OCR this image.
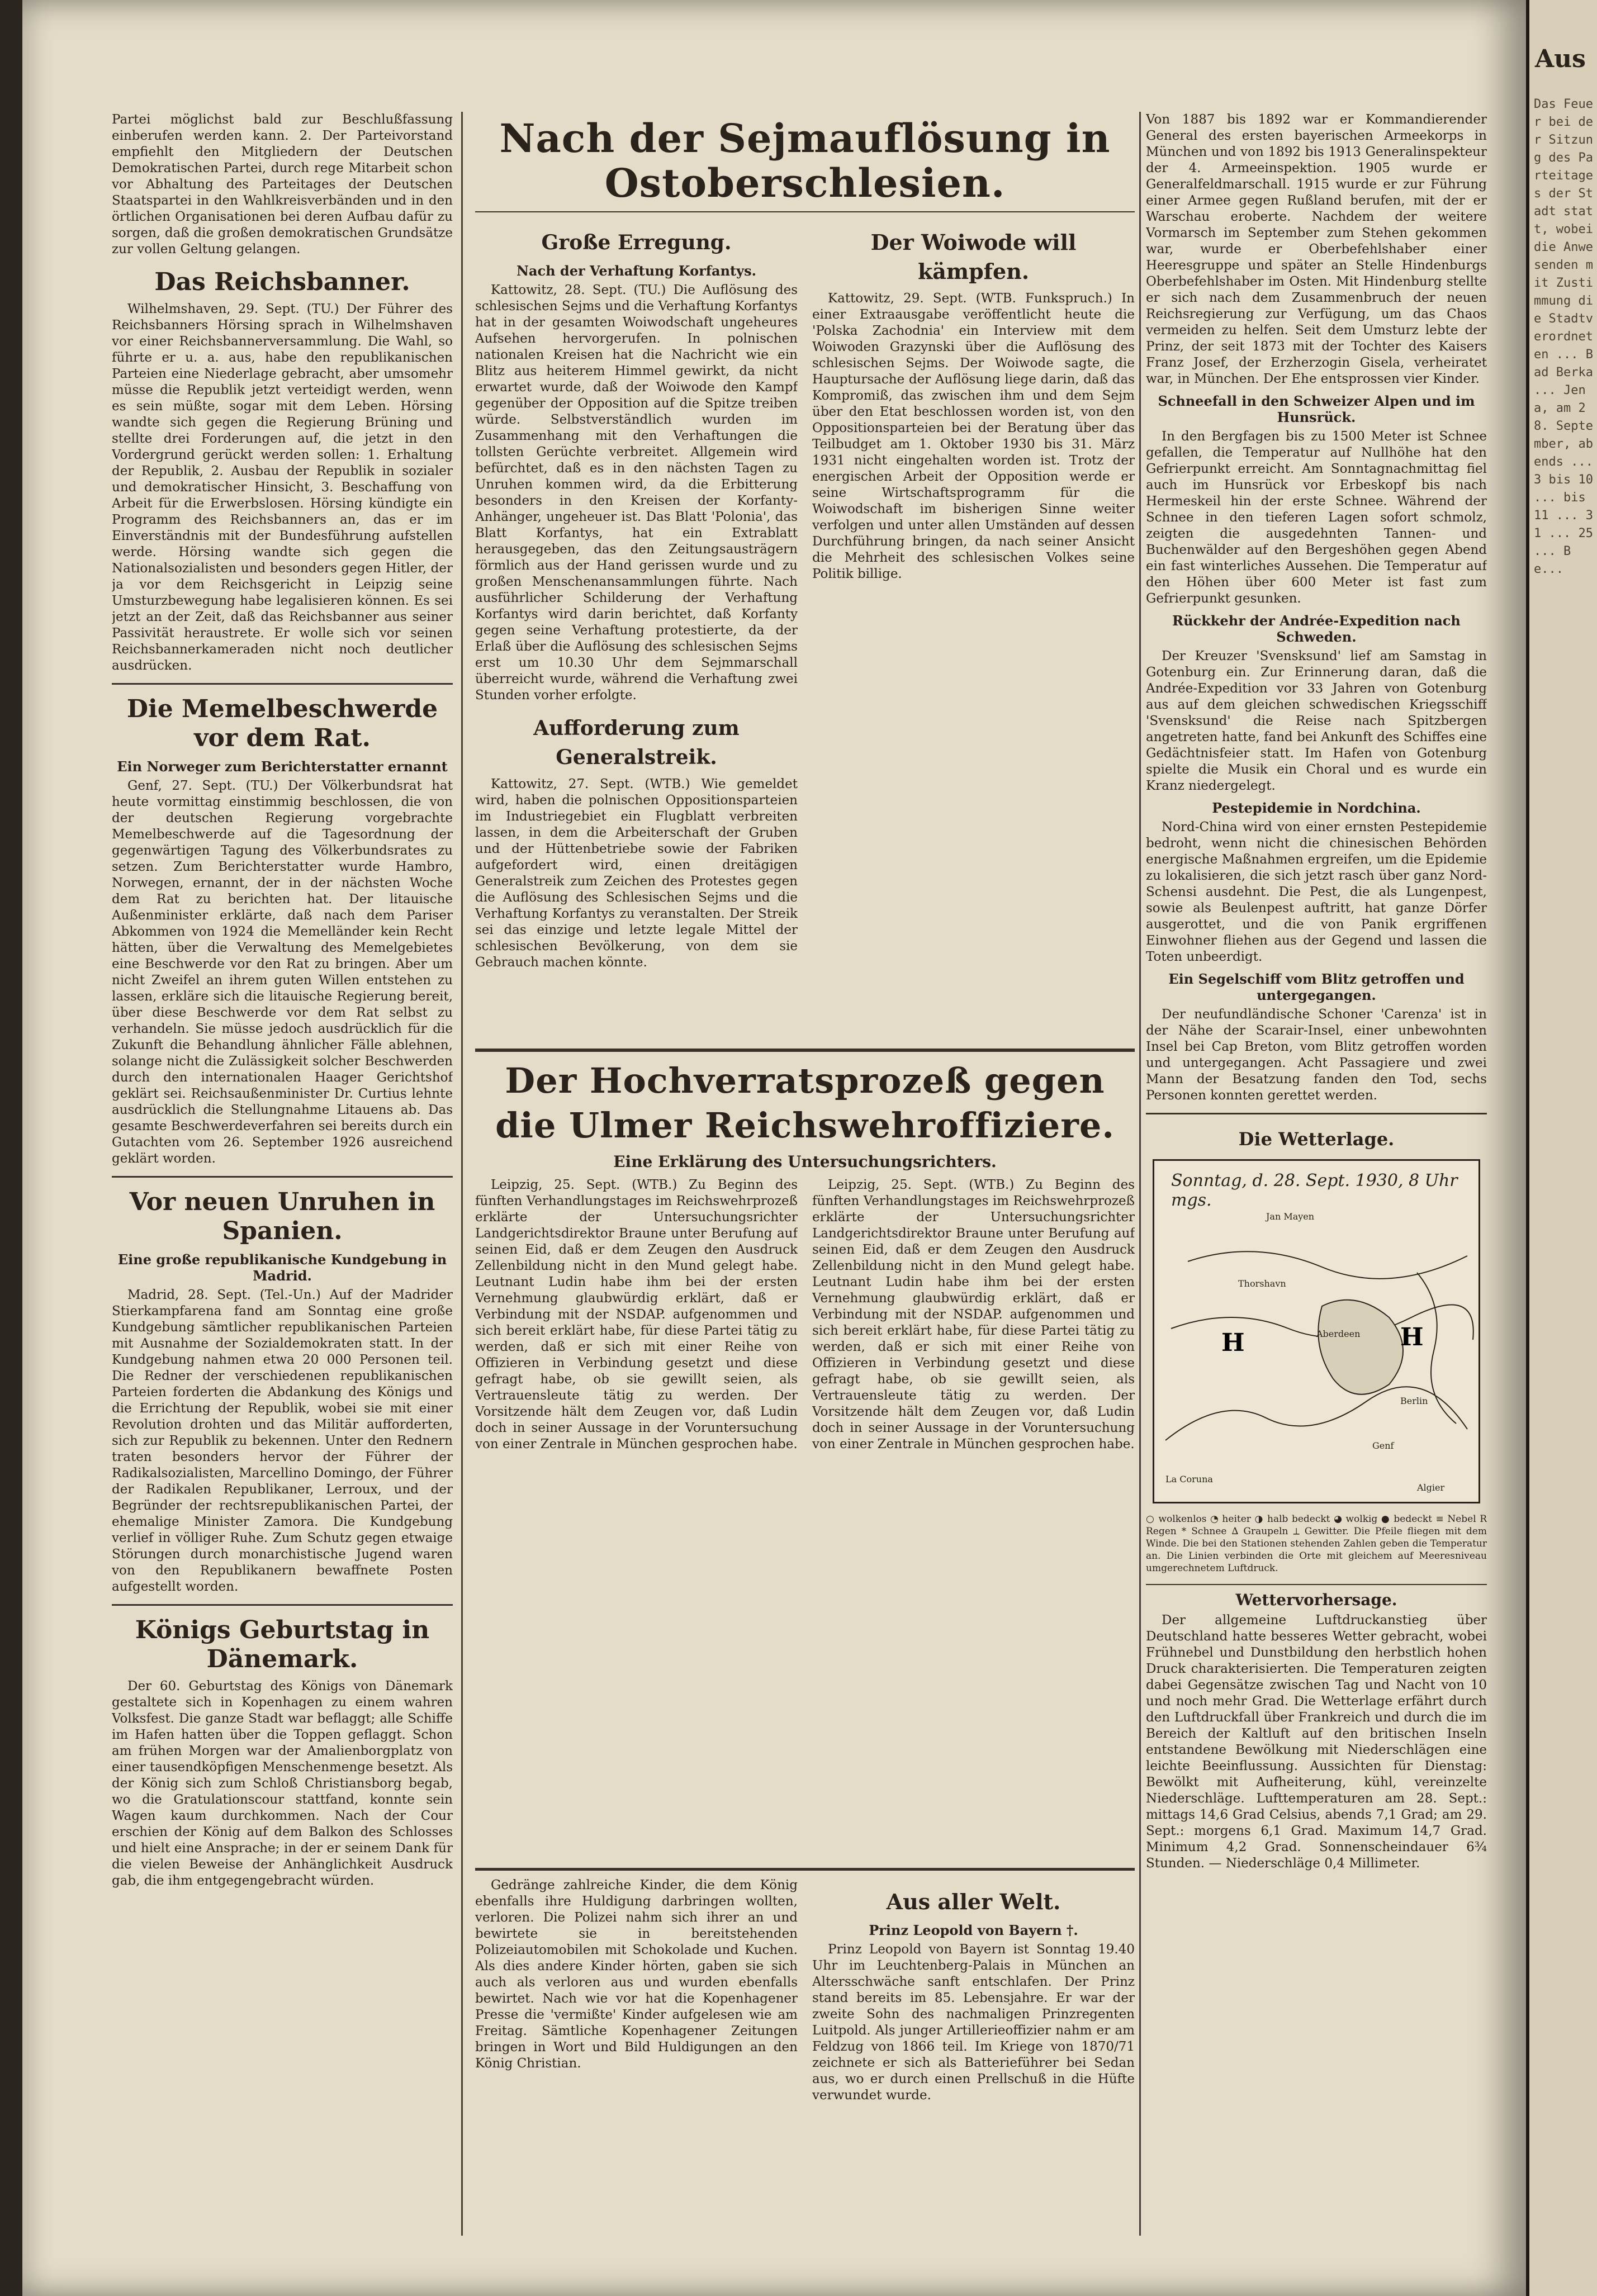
Partei möglichst bald zur Beschlußfassung einberufen werden kann. 2. Der Parteivorstand empfiehlt den Mitgliedern der Deutschen Demokratischen Partei, durch rege Mitarbeit schon vor Abhaltung des Parteitages der Deutschen Staatspartei in den Wahlkreisverbänden und in den örtlichen Organisationen bei deren Aufbau dafür zu sorgen, daß die großen demokratischen Grundsätze zur vollen Geltung gelangen.

Das Reichsbanner.

Wilhelmshaven, 29. Sept. (TU.) Der Führer des Reichsbanners Hörsing sprach in Wilhelmshaven vor einer Reichsbannerversammlung. Die Wahl, so führte er u. a. aus, habe den republikanischen Parteien eine Niederlage gebracht, aber umsomehr müsse die Republik jetzt verteidigt werden, wenn es sein müßte, sogar mit dem Leben. Hörsing wandte sich gegen die Regierung Brüning und stellte drei Forderungen auf, die jetzt in den Vordergrund gerückt werden sollen: 1. Erhaltung der Republik, 2. Ausbau der Republik in sozialer und demokratischer Hinsicht, 3. Beschaffung von Arbeit für die Erwerbslosen. Hörsing kündigte ein Programm des Reichsbanners an, das er im Einverständnis mit der Bundesführung aufstellen werde. Hörsing wandte sich gegen die Nationalsozialisten und besonders gegen Hitler, der ja vor dem Reichsgericht in Leipzig seine Umsturzbewegung habe legalisieren können. Es sei jetzt an der Zeit, daß das Reichsbanner aus seiner Passivität heraustrete. Er wolle sich vor seinen Reichsbannerkameraden nicht noch deutlicher ausdrücken.

Die Memelbeschwerde vor dem Rat.
Ein Norweger zum Berichterstatter ernannt

Genf, 27. Sept. (TU.) Der Völkerbundsrat hat heute vormittag einstimmig beschlossen, die von der deutschen Regierung vorgebrachte Memelbeschwerde auf die Tagesordnung der gegenwärtigen Tagung des Völkerbundsrates zu setzen. Zum Berichterstatter wurde Hambro, Norwegen, ernannt, der in der nächsten Woche dem Rat zu berichten hat. Der litauische Außenminister erklärte, daß nach dem Pariser Abkommen von 1924 die Memelländer kein Recht hätten, über die Verwaltung des Memelgebietes eine Beschwerde vor den Rat zu bringen. Aber um nicht Zweifel an ihrem guten Willen entstehen zu lassen, erkläre sich die litauische Regierung bereit, über diese Beschwerde vor dem Rat selbst zu verhandeln. Sie müsse jedoch ausdrücklich für die Zukunft die Behandlung ähnlicher Fälle ablehnen, solange nicht die Zulässigkeit solcher Beschwerden durch den internationalen Haager Gerichtshof geklärt sei. Reichsaußenminister Dr. Curtius lehnte ausdrücklich die Stellungnahme Litauens ab. Das gesamte Beschwerdeverfahren sei bereits durch ein Gutachten vom 26. September 1926 ausreichend geklärt worden.

Vor neuen Unruhen in Spanien.
Eine große republikanische Kundgebung in Madrid.

Madrid, 28. Sept. (Tel.-Un.) Auf der Madrider Stierkampfarena fand am Sonntag eine große Kundgebung sämtlicher republikanischen Parteien mit Ausnahme der Sozialdemokraten statt. In der Kundgebung nahmen etwa 20 000 Personen teil. Die Redner der verschiedenen republikanischen Parteien forderten die Abdankung des Königs und die Errichtung der Republik, wobei sie mit einer Revolution drohten und das Militär aufforderten, sich zur Republik zu bekennen. Unter den Rednern traten besonders hervor der Führer der Radikalsozialisten, Marcellino Domingo, der Führer der Radikalen Republikaner, Lerroux, und der Begründer der rechtsrepublikanischen Partei, der ehemalige Minister Zamora. Die Kundgebung verlief in völliger Ruhe. Zum Schutz gegen etwaige Störungen durch monarchistische Jugend waren von den Republikanern bewaffnete Posten aufgestellt worden.

Königs Geburtstag in Dänemark.

Der 60. Geburtstag des Königs von Dänemark gestaltete sich in Kopenhagen zu einem wahren Volksfest. Die ganze Stadt war beflaggt; alle Schiffe im Hafen hatten über die Toppen geflaggt. Schon am frühen Morgen war der Amalienborgplatz von einer tausendköpfigen Menschenmenge besetzt. Als der König sich zum Schloß Christiansborg begab, wo die Gratulationscour stattfand, konnte sein Wagen kaum durchkommen. Nach der Cour erschien der König auf dem Balkon des Schlosses und hielt eine Ansprache; in der er seinem Dank für die vielen Beweise der Anhänglichkeit Ausdruck gab, die ihm entgegengebracht würden.

Nach der Sejmauflösung in Ostoberschlesien.
Große Erregung.
Nach der Verhaftung Korfantys.

Kattowitz, 28. Sept. (TU.) Die Auflösung des schlesischen Sejms und die Verhaftung Korfantys hat in der gesamten Woiwodschaft ungeheures Aufsehen hervorgerufen. In polnischen nationalen Kreisen hat die Nachricht wie ein Blitz aus heiterem Himmel gewirkt, da nicht erwartet wurde, daß der Woiwode den Kampf gegenüber der Opposition auf die Spitze treiben würde. Selbstverständlich wurden im Zusammenhang mit den Verhaftungen die tollsten Gerüchte verbreitet. Allgemein wird befürchtet, daß es in den nächsten Tagen zu Unruhen kommen wird, da die Erbitterung besonders in den Kreisen der Korfanty-Anhänger, ungeheuer ist. Das Blatt 'Polonia', das Blatt Korfantys, hat ein Extrablatt herausgegeben, das den Zeitungsausträgern förmlich aus der Hand gerissen wurde und zu großen Menschenansammlungen führte. Nach ausführlicher Schilderung der Verhaftung Korfantys wird darin berichtet, daß Korfanty gegen seine Verhaftung protestierte, da der Erlaß über die Auflösung des schlesischen Sejms erst um 10.30 Uhr dem Sejmmarschall überreicht wurde, während die Verhaftung zwei Stunden vorher erfolgte.

Aufforderung zum Generalstreik.

Kattowitz, 27. Sept. (WTB.) Wie gemeldet wird, haben die polnischen Oppositionsparteien im Industriegebiet ein Flugblatt verbreiten lassen, in dem die Arbeiterschaft der Gruben und der Hüttenbetriebe sowie der Fabriken aufgefordert wird, einen dreitägigen Generalstreik zum Zeichen des Protestes gegen die Auflösung des Schlesischen Sejms und die Verhaftung Korfantys zu veranstalten. Der Streik sei das einzige und letzte legale Mittel der schlesischen Bevölkerung, von dem sie Gebrauch machen könnte.

Der Woiwode will kämpfen.

Kattowitz, 29. Sept. (WTB. Funkspruch.) In einer Extraausgabe veröffentlicht heute die 'Polska Zachodnia' ein Interview mit dem Woiwoden Grazynski über die Auflösung des schlesischen Sejms. Der Woiwode sagte, die Hauptursache der Auflösung liege darin, daß das Kompromiß, das zwischen ihm und dem Sejm über den Etat beschlossen worden ist, von den Oppositionsparteien bei der Beratung über das Teilbudget am 1. Oktober 1930 bis 31. März 1931 nicht eingehalten worden ist. Trotz der energischen Arbeit der Opposition werde er seine Wirtschaftsprogramm für die Woiwodschaft im bisherigen Sinne weiter verfolgen und unter allen Umständen auf dessen Durchführung bringen, da nach seiner Ansicht die Mehrheit des schlesischen Volkes seine Politik billige.

Der Hochverratsprozeß gegen die Ulmer Reichswehroffiziere.
Eine Erklärung des Untersuchungsrichters.

Leipzig, 25. Sept. (WTB.) Zu Beginn des fünften Verhandlungstages im Reichswehrprozeß erklärte der Untersuchungsrichter Landgerichtsdirektor Braune unter Berufung auf seinen Eid, daß er dem Zeugen den Ausdruck Zellenbildung nicht in den Mund gelegt habe. Leutnant Ludin habe ihm bei der ersten Vernehmung glaubwürdig erklärt, daß er Verbindung mit der NSDAP. aufgenommen und sich bereit erklärt habe, für diese Partei tätig zu werden, daß er sich mit einer Reihe von Offizieren in Verbindung gesetzt und diese gefragt habe, ob sie gewillt seien, als Vertrauensleute tätig zu werden. Der Vorsitzende hält dem Zeugen vor, daß Ludin doch in seiner Aussage in der Voruntersuchung von einer Zentrale in München gesprochen habe.

Leipzig, 25. Sept. (WTB.) Zu Beginn des fünften Verhandlungstages im Reichswehrprozeß erklärte der Untersuchungsrichter Landgerichtsdirektor Braune unter Berufung auf seinen Eid, daß er dem Zeugen den Ausdruck Zellenbildung nicht in den Mund gelegt habe. Leutnant Ludin habe ihm bei der ersten Vernehmung glaubwürdig erklärt, daß er Verbindung mit der NSDAP. aufgenommen und sich bereit erklärt habe, für diese Partei tätig zu werden, daß er sich mit einer Reihe von Offizieren in Verbindung gesetzt und diese gefragt habe, ob sie gewillt seien, als Vertrauensleute tätig zu werden. Der Vorsitzende hält dem Zeugen vor, daß Ludin doch in seiner Aussage in der Voruntersuchung von einer Zentrale in München gesprochen habe.

Gedränge zahlreiche Kinder, die dem König ebenfalls ihre Huldigung darbringen wollten, verloren. Die Polizei nahm sich ihrer an und bewirtete sie in bereitstehenden Polizeiautomobilen mit Schokolade und Kuchen. Als dies andere Kinder hörten, gaben sie sich auch als verloren aus und wurden ebenfalls bewirtet. Nach wie vor hat die Kopenhagener Presse die 'vermißte' Kinder aufgelesen wie am Freitag. Sämtliche Kopenhagener Zeitungen bringen in Wort und Bild Huldigungen an den König Christian.

Aus aller Welt.
Prinz Leopold von Bayern †.

Prinz Leopold von Bayern ist Sonntag 19.40 Uhr im Leuchtenberg-Palais in München an Altersschwäche sanft entschlafen. Der Prinz stand bereits im 85. Lebensjahre. Er war der zweite Sohn des nachmaligen Prinzregenten Luitpold. Als junger Artillerieoffizier nahm er am Feldzug von 1866 teil. Im Kriege von 1870/71 zeichnete er sich als Batterieführer bei Sedan aus, wo er durch einen Prellschuß in die Hüfte verwundet wurde.

Von 1887 bis 1892 war er Kommandierender General des ersten bayerischen Armeekorps in München und von 1892 bis 1913 Generalinspekteur der 4. Armeeinspektion. 1905 wurde er Generalfeldmarschall. 1915 wurde er zur Führung einer Armee gegen Rußland berufen, mit der er Warschau eroberte. Nachdem der weitere Vormarsch im September zum Stehen gekommen war, wurde er Oberbefehlshaber einer Heeresgruppe und später an Stelle Hindenburgs Oberbefehlshaber im Osten. Mit Hindenburg stellte er sich nach dem Zusammenbruch der neuen Reichsregierung zur Verfügung, um das Chaos vermeiden zu helfen. Seit dem Umsturz lebte der Prinz, der seit 1873 mit der Tochter des Kaisers Franz Josef, der Erzherzogin Gisela, verheiratet war, in München. Der Ehe entsprossen vier Kinder.

Schneefall in den Schweizer Alpen und im Hunsrück.

In den Bergfagen bis zu 1500 Meter ist Schnee gefallen, die Temperatur auf Nullhöhe hat den Gefrierpunkt erreicht. Am Sonntagnachmittag fiel auch im Hunsrück vor Erbeskopf bis nach Hermeskeil hin der erste Schnee. Während der Schnee in den tieferen Lagen sofort schmolz, zeigten die ausgedehnten Tannen- und Buchenwälder auf den Bergeshöhen gegen Abend ein fast winterliches Aussehen. Die Temperatur auf den Höhen über 600 Meter ist fast zum Gefrierpunkt gesunken.

Rückkehr der Andrée-Expedition nach Schweden.

Der Kreuzer 'Svensksund' lief am Samstag in Gotenburg ein. Zur Erinnerung daran, daß die Andrée-Expedition vor 33 Jahren von Gotenburg aus auf dem gleichen schwedischen Kriegsschiff 'Svensksund' die Reise nach Spitzbergen angetreten hatte, fand bei Ankunft des Schiffes eine Gedächtnisfeier statt. Im Hafen von Gotenburg spielte die Musik ein Choral und es wurde ein Kranz niedergelegt.

Pestepidemie in Nordchina.

Nord-China wird von einer ernsten Pestepidemie bedroht, wenn nicht die chinesischen Behörden energische Maßnahmen ergreifen, um die Epidemie zu lokalisieren, die sich jetzt rasch über ganz Nord-Schensi ausdehnt. Die Pest, die als Lungenpest, sowie als Beulenpest auftritt, hat ganze Dörfer ausgerottet, und die von Panik ergriffenen Einwohner fliehen aus der Gegend und lassen die Toten unbeerdigt.

Ein Segelschiff vom Blitz getroffen und untergegangen.

Der neufundländische Schoner 'Carenza' ist in der Nähe der Scarair-Insel, einer unbewohnten Insel bei Cap Breton, vom Blitz getroffen worden und untergegangen. Acht Passagiere und zwei Mann der Besatzung fanden den Tod, sechs Personen konnten gerettet werden.

Die Wetterlage.
Sonntag, d. 28. Sept. 1930, 8 Uhr mgs.
H	H
Jan Mayen
Thorshavn
Aberdeen
Berlin
Genf
Algier
La Coruna

○ wolkenlos ◔ heiter ◑ halb bedeckt ◕ wolkig ● bedeckt ≡ Nebel R Regen * Schnee ∆ Graupeln ⟂ Gewitter. Die Pfeile fliegen mit dem Winde. Die bei den Stationen stehenden Zahlen geben die Temperatur an. Die Linien verbinden die Orte mit gleichem auf Meeresniveau umgerechnetem Luftdruck.

Wettervorhersage.

Der allgemeine Luftdruckanstieg über Deutschland hatte besseres Wetter gebracht, wobei Frühnebel und Dunstbildung den herbstlich hohen Druck charakterisierten. Die Temperaturen zeigten dabei Gegensätze zwischen Tag und Nacht von 10 und noch mehr Grad. Die Wetterlage erfährt durch den Luftdruckfall über Frankreich und durch die im Bereich der Kaltluft auf den britischen Inseln entstandene Bewölkung mit Niederschlägen eine leichte Beeinflussung. Aussichten für Dienstag: Bewölkt mit Aufheiterung, kühl, vereinzelte Niederschläge. Lufttemperaturen am 28. Sept.: mittags 14,6 Grad Celsius, abends 7,1 Grad; am 29. Sept.: morgens 6,1 Grad. Maximum 14,7 Grad. Minimum 4,2 Grad. Sonnenscheindauer 6¾ Stunden. — Niederschläge 0,4 Millimeter.

Aus
Das Feuer bei der Sitzung des Parteitages der Stadt statt, wobei die Anwesenden mit Zustimmung die Stadtverordneten ... Bad Berka ... Jena, am 28. September, abends ... 3 bis 10 ... bis 11 ... 31 ... 25 ... Be...
